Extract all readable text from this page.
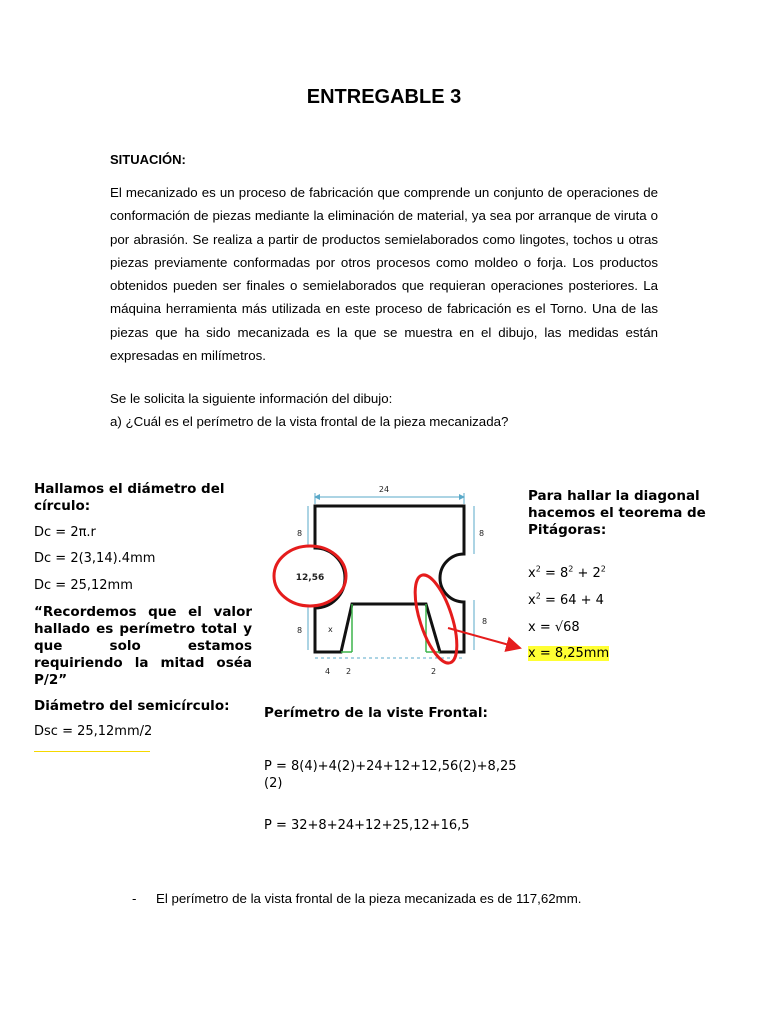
ENTREGABLE 3
SITUACIÓN:
El mecanizado es un proceso de fabricación que comprende un conjunto de operaciones de conformación de piezas mediante la eliminación de material, ya sea por arranque de viruta o por abrasión. Se realiza a partir de productos semielaborados como lingotes, tochos u otras piezas previamente conformadas por otros procesos como moldeo o forja. Los productos obtenidos pueden ser finales o semielaborados que requieran operaciones posteriores. La máquina herramienta más utilizada en este proceso de fabricación es el Torno. Una de las piezas que ha sido mecanizada es la que se muestra en el dibujo, las medidas están expresadas en milímetros.
Se le solicita la siguiente información del dibujo:
a) ¿Cuál es el perímetro de la vista frontal de la pieza mecanizada?
Hallamos el diámetro del círculo:
Dc = 2π.r
Dc = 2(3,14).4mm
Dc = 25,12mm
“Recordemos que el valor hallado es perímetro total y que solo estamos requiriendo la mitad oséa P/2”
Diámetro del semicírculo:
Dsc = 25,12mm/2
24
8	8
8
8
x
4 2	2
12,56
Para hallar la diagonal hacemos el teorema de Pitágoras:
$x^2 = 8^2 + 2^2$
$x^2 = 64 + 4$
x = √68
x = 8,25mm
Perímetro de la viste Frontal:
P = 8(4)+4(2)+24+12+12,56(2)+8,25(2)
P = 32+8+24+12+25,12+16,5
- El perímetro de la vista frontal de la pieza mecanizada es de 117,62mm.
